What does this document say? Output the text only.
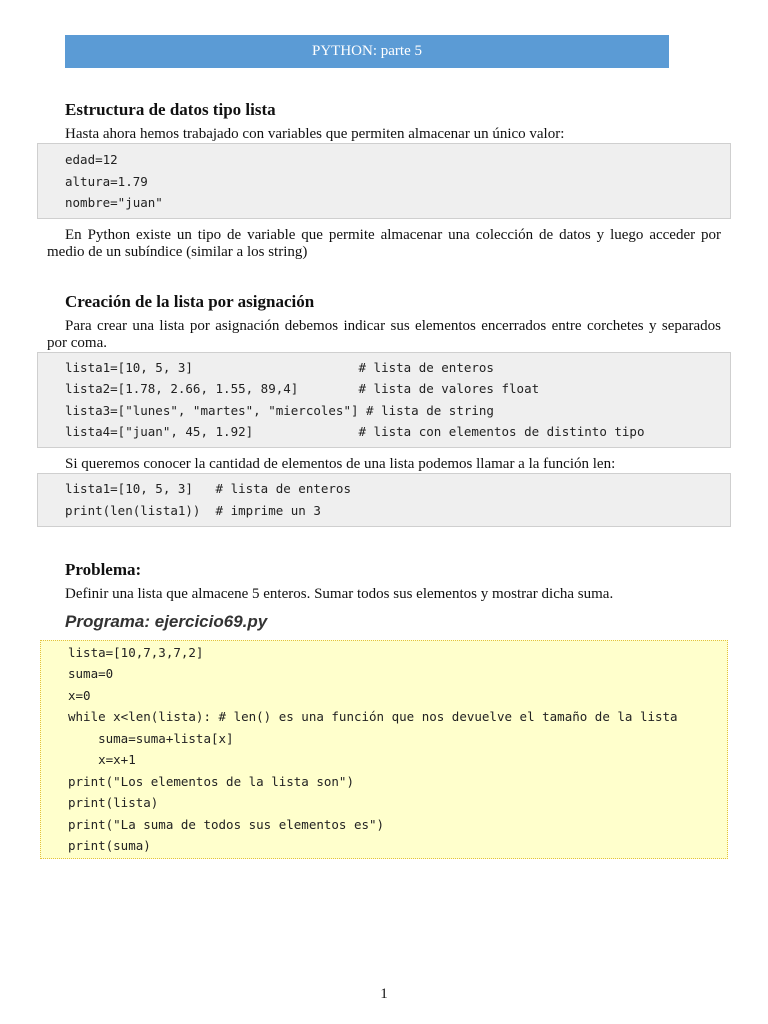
PYTHON: parte 5
Estructura de datos tipo lista
Hasta ahora hemos trabajado con variables que permiten almacenar un único valor:
edad=12
altura=1.79
nombre="juan"
En Python existe un tipo de variable que permite almacenar una colección de datos y luego acceder por medio de un subíndice (similar a los string)
Creación de la lista por asignación
Para crear una lista por asignación debemos indicar sus elementos encerrados entre corchetes y separados por coma.
lista1=[10, 5, 3]                      # lista de enteros
lista2=[1.78, 2.66, 1.55, 89,4]        # lista de valores float
lista3=["lunes", "martes", "miercoles"] # lista de string
lista4=["juan", 45, 1.92]              # lista con elementos de distinto tipo
Si queremos conocer la cantidad de elementos de una lista podemos llamar a la función len:
lista1=[10, 5, 3]   # lista de enteros
print(len(lista1))  # imprime un 3
Problema:
Definir una lista que almacene 5 enteros. Sumar todos sus elementos y mostrar dicha suma.
Programa: ejercicio69.py
lista=[10,7,3,7,2]
suma=0
x=0
while x<len(lista): # len() es una función que nos devuelve el tamaño de la lista
suma=suma+lista[x]
x=x+1
print("Los elementos de la lista son")
print(lista)
print("La suma de todos sus elementos es")
print(suma)
1
